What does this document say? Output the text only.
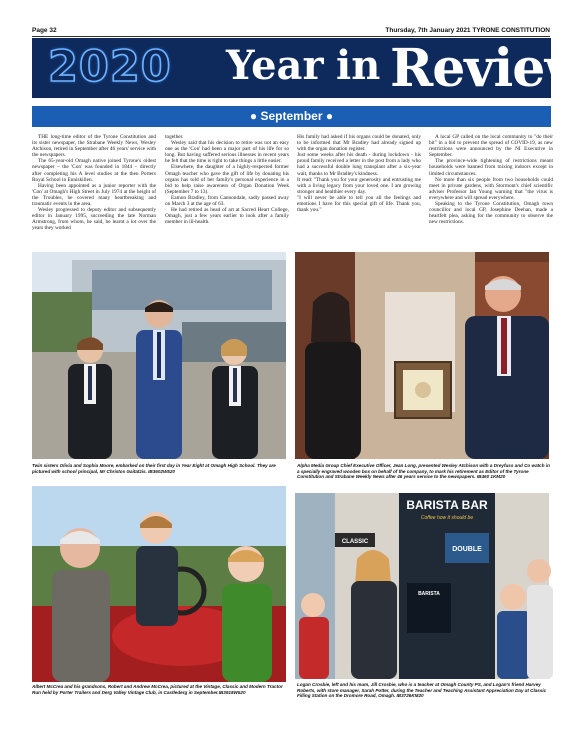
Page 32	Thursday, 7th January 2021 TYRONE CONSTITUTION
2020 Year in Review
● September ●

THE long-time editor of the Tyrone Constitution and its sister newspaper, the Strabane Weekly News, Wesley Atchison, retired in September after 46 years' service with the newspapers.

The 65-year-old Omagh native joined Tyrone's oldest newspaper – the 'Con' was founded in 1844 – directly after completing his A level studies at the then Porters Royal School in Enniskillen.

Having been appointed as a junior reporter with the 'Con' at Omagh's High Street in July 1974 at the height of the Troubles, he covered many heartbreaking and traumatic events in the area.

Wesley progressed to deputy editor and subsequently editor in January 1995, succeeding the late Norman Armstrong, from whom, he said, he learnt a lot over the years they worked

together.

Wesley said that his decision to retire was not an easy one as the 'Con' had been a major part of his life for so long. But having suffered serious illnesses in recent years he felt that the time is right to take things a little easier.

Elsewhere, the daughter of a highly-respected former Omagh teacher who gave the gift of life by donating his organs has told of her family's personal experience in a bid to help raise awareness of Organ Donation Week (September 7 to 13).

Eamon Bradley, from Cannondale, sadly passed away on March 3 at the age of 63.

He had retired as head of art at Sacred Heart College, Omagh, just a few years earlier to look after a family member in ill-health.

His family had asked if his organs could be donated, only to be informed that Mr Bradley had already signed up with the organ donation register.

Just some weeks after his death - during lockdown - his proud family received a letter in the post from a lady who had a successful double lung transplant after a six-year wait, thanks to Mr Bradley's kindness.

It read: "Thank you for your generosity and entrusting me with a living legacy from your loved one. I am growing stronger and healthier every day.

"I will never be able to tell you all the feelings and emotions I have for this special gift of life. Thank you, thank you."

A local GP called on the local community to "do their bit" in a bid to prevent the spread of COVID-19, as new restrictions were announced by the NI Executive in September.

The province-wide tightening of restrictions meant households were banned from mixing indoors except in limited circumstances.

No more than six people from two households could meet in private gardens, with Stormont's chief scientific adviser Professor Ian Young warning that "the virus is everywhere and will spread everywhere.

Speaking to the Tyrone Constitution, Omagh town councillor and local GP, Josephine Deehan, made a heartfelt plea, asking for the community to observe the new restrictions.

Twin sisters Olivia and Sophia Moore, embarked on their first day in Year Eight at Omagh High School. They are pictured with school principal, Mr Christos Gaitatzis. IB3602W520
Alpha Media Group Chief Executive Officer, Jean Long, presented Wesley Atchison with a Dreyfuss and Co watch in a specially engraved wooden box on behalf of the company, to mark his retirement as Editor of the Tyrone Constitution and Strabane Weekly News after 46 years service to the newspapers. IB460 1KM20
Albert McCrea and his grandsons, Robert and Andrew McCrea, pictured at the Vintage, Classic and Modern Tractor Run held by Porter Trailers and Derg Valley Vintage Club, in Castlederg in September.IB3918W520
BARISTA BAR
Coffee how it should be
DOUBLE
BARISTA
CLASSIC
Logan Crosbie, left and his mum, Jill Crosbie, who is a teacher at Omagh County PS, and Logan's friend Harvey Roberts, with store manager, Sarah Potter, during the Teacher and Teaching Assistant Appreciation Day at Classic Filling Station on the Dromore Road, Omagh. IB3726KM20
